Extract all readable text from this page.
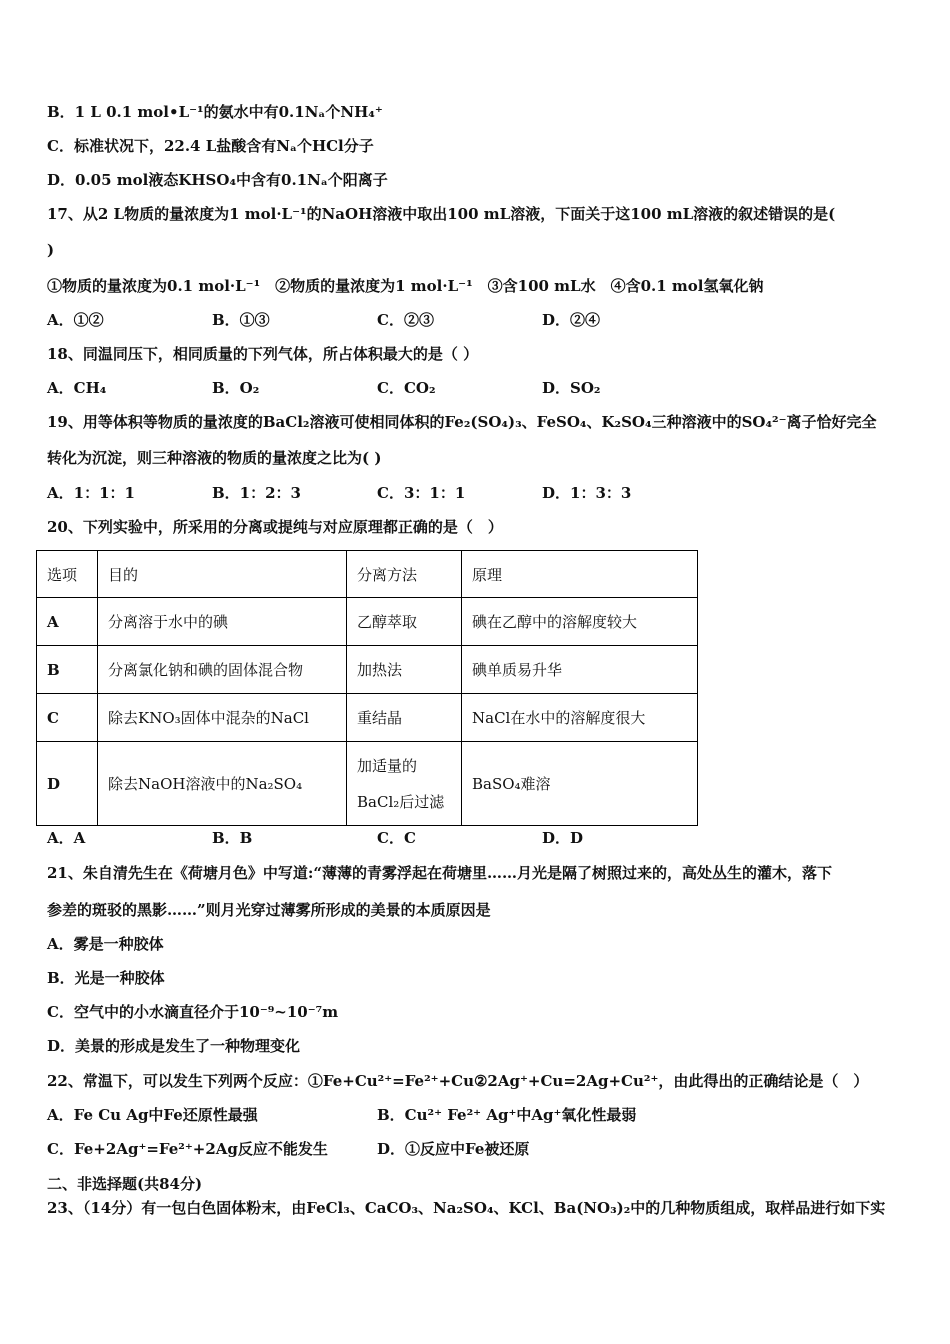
B．1 L 0.1 mol•L⁻¹的氨水中有0.1Nₐ个NH₄⁺
C．标准状况下，22.4 L盐酸含有Nₐ个HCl分子
D．0.05 mol液态KHSO₄中含有0.1Nₐ个阳离子
17、从2 L物质的量浓度为1 mol·L⁻¹的NaOH溶液中取出100 mL溶液，下面关于这100 mL溶液的叙述错误的是(
)
①物质的量浓度为0.1 mol·L⁻¹　②物质的量浓度为1 mol·L⁻¹　③含100 mL水　④含0.1 mol氢氧化钠
A．①②	B．①③	C．②③	D．②④
18、同温同压下，相同质量的下列气体，所占体积最大的是（ ）
A．CH₄	B．O₂	C．CO₂	D．SO₂
19、用等体积等物质的量浓度的BaCl₂溶液可使相同体积的Fe₂(SO₄)₃、FeSO₄、K₂SO₄三种溶液中的SO₄²⁻离子恰好完全
转化为沉淀，则三种溶液的物质的量浓度之比为( )
A．1：1：1	B．1：2：3	C．3：1：1	D．1：3：3
20、下列实验中，所采用的分离或提纯与对应原理都正确的是（　）
选项	目的	分离方法	原理
A	分离溶于水中的碘	乙醇萃取	碘在乙醇中的溶解度较大
B	分离氯化钠和碘的固体混合物	加热法	碘单质易升华
C	除去KNO₃固体中混杂的NaCl	重结晶	NaCl在水中的溶解度很大
D	除去NaOH溶液中的Na₂SO₄	加适量的
BaCl₂后过滤	BaSO₄难溶
A．A	B．B	C．C	D．D
21、朱自清先生在《荷塘月色》中写道:“薄薄的青雾浮起在荷塘里……月光是隔了树照过来的，高处丛生的灌木，落下
参差的斑驳的黑影……”则月光穿过薄雾所形成的美景的本质原因是
A．雾是一种胶体
B．光是一种胶体
C．空气中的小水滴直径介于10⁻⁹~10⁻⁷m
D．美景的形成是发生了一种物理变化
22、常温下，可以发生下列两个反应：①Fe+Cu²⁺=Fe²⁺+Cu②2Ag⁺+Cu=2Ag+Cu²⁺，由此得出的正确结论是（　）
A．Fe Cu Ag中Fe还原性最强	B．Cu²⁺ Fe²⁺ Ag⁺中Ag⁺氧化性最弱
C．Fe+2Ag⁺=Fe²⁺+2Ag反应不能发生	D．①反应中Fe被还原
二、非选择题(共84分)
23、（14分）有一包白色固体粉末，由FeCl₃、CaCO₃、Na₂SO₄、KCl、Ba(NO₃)₂中的几种物质组成，取样品进行如下实
